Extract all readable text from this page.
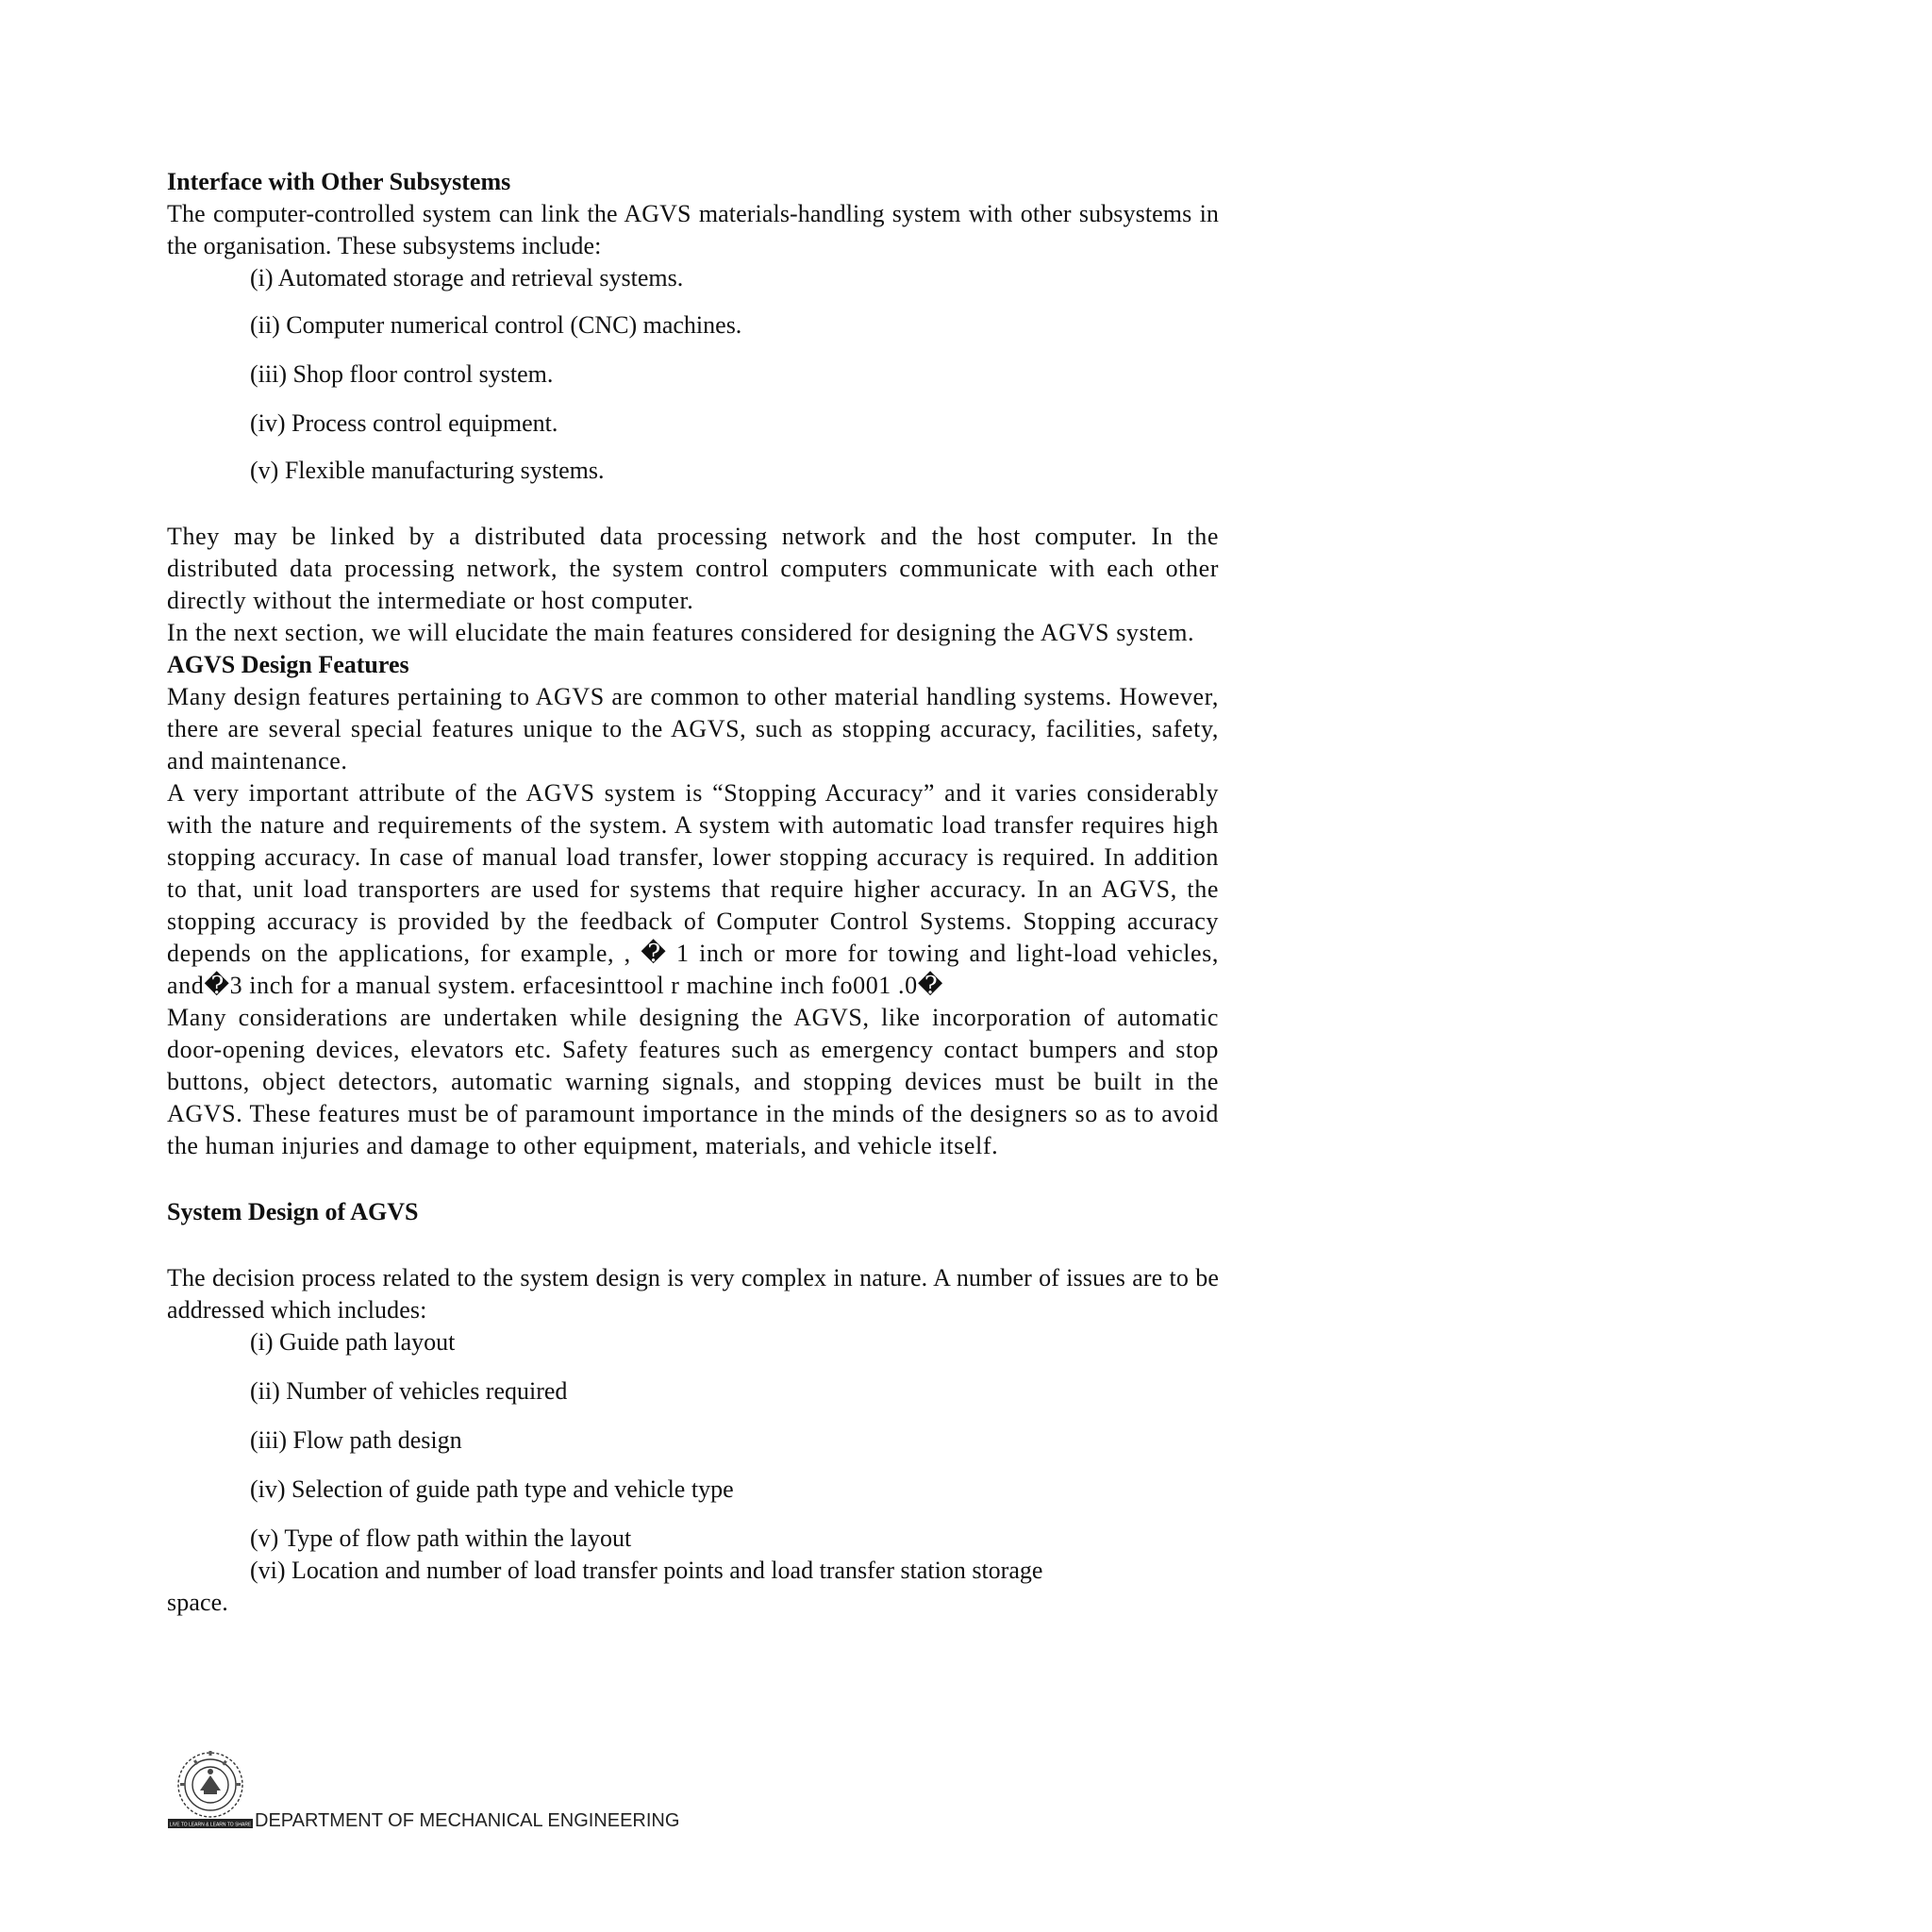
Interface with Other Subsystems

The computer-controlled system can link the AGVS materials-handling system with other subsystems in the organisation. These subsystems include:

(i) Automated storage and retrieval systems.
(ii) Computer numerical control (CNC) machines.
(iii) Shop floor control system.
(iv) Process control equipment.
(v) Flexible manufacturing systems.

They may be linked by a distributed data processing network and the host computer. In the distributed data processing network, the system control computers communicate with each other directly without the intermediate or host computer.

In the next section, we will elucidate the main features considered for designing the AGVS system.

AGVS Design Features

Many design features pertaining to AGVS are common to other material handling systems. However, there are several special features unique to the AGVS, such as stopping accuracy, facilities, safety, and maintenance.

A very important attribute of the AGVS system is “Stopping Accuracy” and it varies considerably with the nature and requirements of the system. A system with automatic load transfer requires high stopping accuracy. In case of manual load transfer, lower stopping accuracy is required. In addition to that, unit load transporters are used for systems that require higher accuracy. In an AGVS, the stopping accuracy is provided by the feedback of Computer Control Systems. Stopping accuracy depends on the applications, for example, , � 1 inch or more for towing and light-load vehicles, and�3 inch for a manual system. erfacesinttool r machine inch fo001 .0�

Many considerations are undertaken while designing the AGVS, like incorporation of automatic door-opening devices, elevators etc. Safety features such as emergency contact bumpers and stop buttons, object detectors, automatic warning signals, and stopping devices must be built in the AGVS. These features must be of paramount importance in the minds of the designers so as to avoid the human injuries and damage to other equipment, materials, and vehicle itself.

System Design of AGVS

The decision process related to the system design is very complex in nature. A number of issues are to be addressed which includes:

(i) Guide path layout
(ii) Number of vehicles required
(iii) Flow path design
(iv) Selection of guide path type and vehicle type
(v) Type of flow path within the layout
(vi) Location and number of load transfer points and load transfer station storage

space.

LIVE TO LEARN & LEARN TO SHARE DEPARTMENT OF MECHANICAL ENGINEERING
